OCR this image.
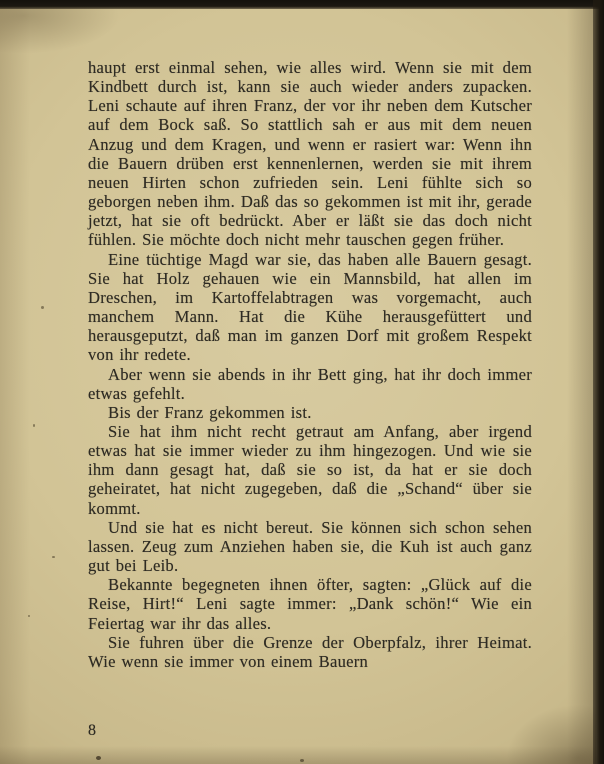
haupt erst einmal sehen, wie alles wird. Wenn sie mit dem Kindbett durch ist, kann sie auch wieder anders zupacken. Leni schaute auf ihren Franz, der vor ihr neben dem Kutscher auf dem Bock saß. So stattlich sah er aus mit dem neuen Anzug und dem Kragen, und wenn er rasiert war: Wenn ihn die Bauern drüben erst kennenlernen, werden sie mit ihrem neuen Hirten schon zufrieden sein. Leni fühlte sich so geborgen neben ihm. Daß das so gekommen ist mit ihr, gerade jetzt, hat sie oft bedrückt. Aber er läßt sie das doch nicht fühlen. Sie möchte doch nicht mehr tauschen gegen früher.

Eine tüchtige Magd war sie, das haben alle Bauern gesagt. Sie hat Holz gehauen wie ein Mannsbild, hat allen im Dreschen, im Kartoffelabtragen was vorgemacht, auch manchem Mann. Hat die Kühe herausgefüttert und herausgeputzt, daß man im ganzen Dorf mit großem Respekt von ihr redete.

Aber wenn sie abends in ihr Bett ging, hat ihr doch immer etwas gefehlt.

Bis der Franz gekommen ist.

Sie hat ihm nicht recht getraut am Anfang, aber irgend etwas hat sie immer wieder zu ihm hingezogen. Und wie sie ihm dann gesagt hat, daß sie so ist, da hat er sie doch geheiratet, hat nicht zugegeben, daß die „Schand“ über sie kommt.

Und sie hat es nicht bereut. Sie können sich schon sehen lassen. Zeug zum Anziehen haben sie, die Kuh ist auch ganz gut bei Leib.

Bekannte begegneten ihnen öfter, sagten: „Glück auf die Reise, Hirt!“ Leni sagte immer: „Dank schön!“ Wie ein Feiertag war ihr das alles.

Sie fuhren über die Grenze der Oberpfalz, ihrer Heimat. Wie wenn sie immer von einem Bauern

8
